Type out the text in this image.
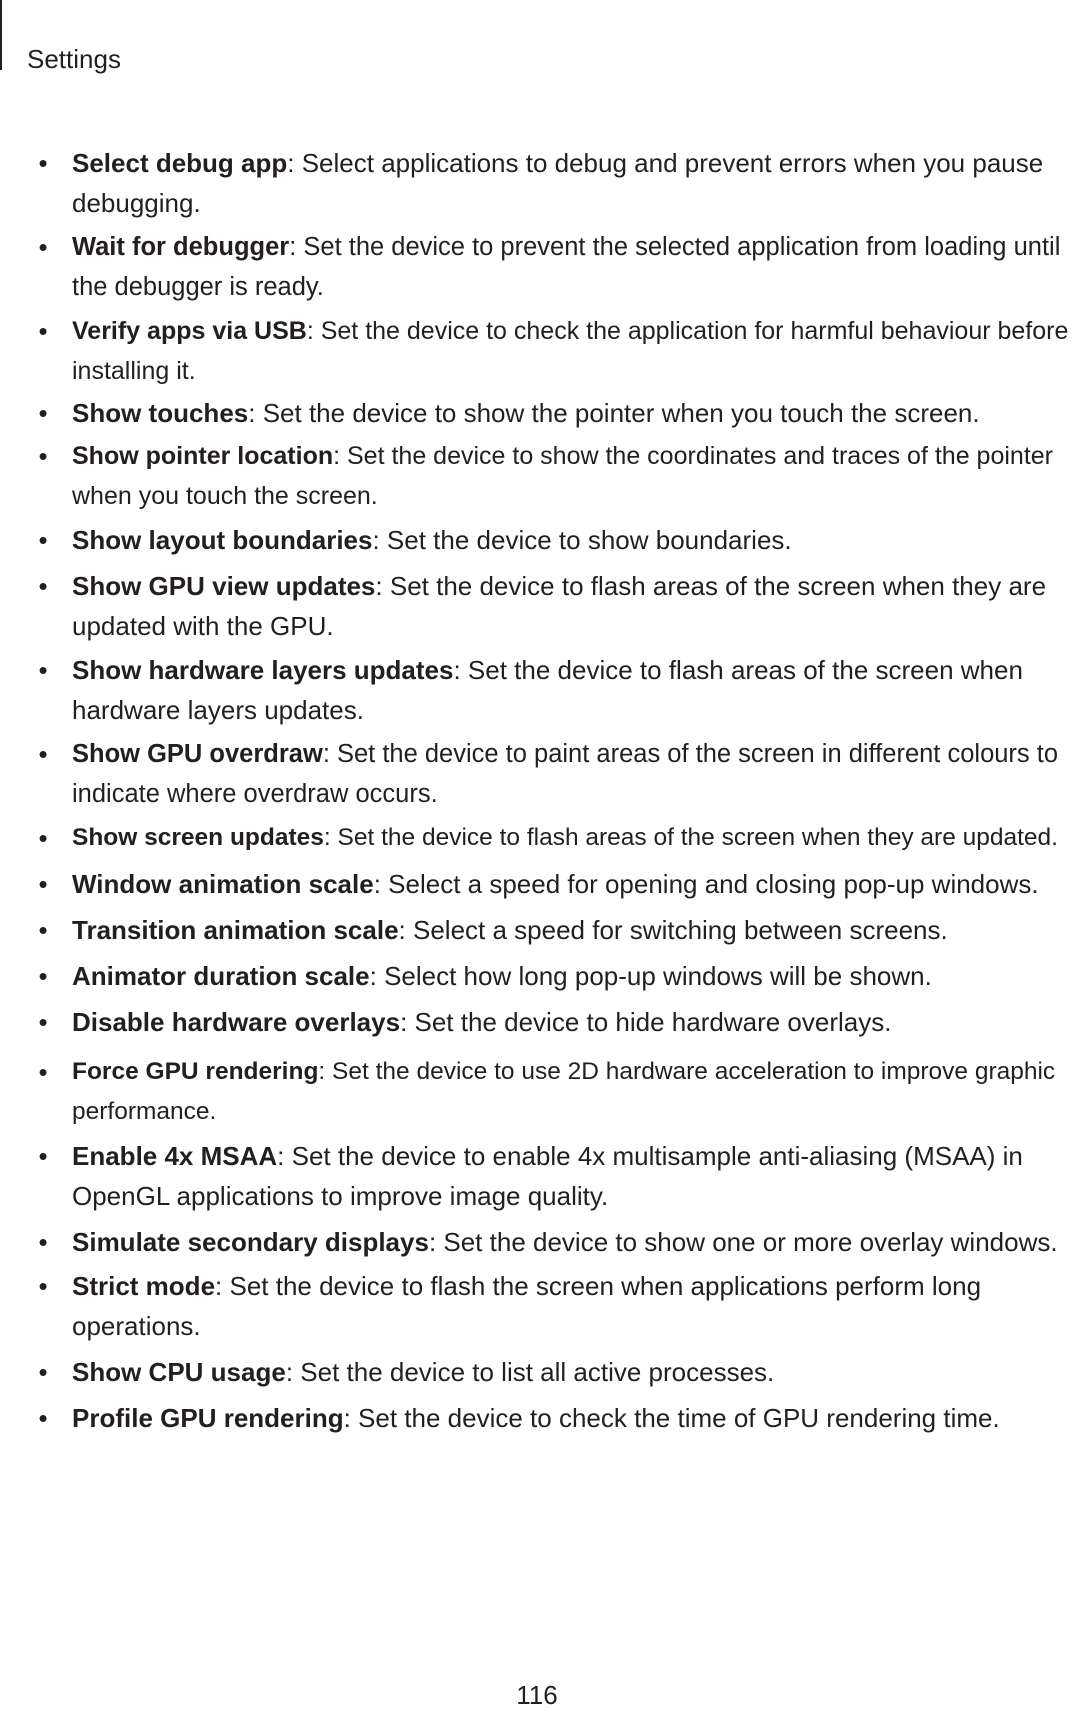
Settings
• Select debug app: Select applications to debug and prevent errors when you pause
debugging.
• Wait for debugger: Set the device to prevent the selected application from loading until
the debugger is ready.
• Verify apps via USB: Set the device to check the application for harmful behaviour before
installing it.
• Show touches: Set the device to show the pointer when you touch the screen.
• Show pointer location: Set the device to show the coordinates and traces of the pointer
when you touch the screen.
• Show layout boundaries: Set the device to show boundaries.
• Show GPU view updates: Set the device to flash areas of the screen when they are
updated with the GPU.
• Show hardware layers updates: Set the device to flash areas of the screen when
hardware layers updates.
• Show GPU overdraw: Set the device to paint areas of the screen in different colours to
indicate where overdraw occurs.
• Show screen updates: Set the device to flash areas of the screen when they are updated.
• Window animation scale: Select a speed for opening and closing pop-up windows.
• Transition animation scale: Select a speed for switching between screens.
• Animator duration scale: Select how long pop-up windows will be shown.
• Disable hardware overlays: Set the device to hide hardware overlays.
• Force GPU rendering: Set the device to use 2D hardware acceleration to improve graphic
performance.
• Enable 4x MSAA: Set the device to enable 4x multisample anti-aliasing (MSAA) in
OpenGL applications to improve image quality.
• Simulate secondary displays: Set the device to show one or more overlay windows.
• Strict mode: Set the device to flash the screen when applications perform long
operations.
• Show CPU usage: Set the device to list all active processes.
• Profile GPU rendering: Set the device to check the time of GPU rendering time.
116
